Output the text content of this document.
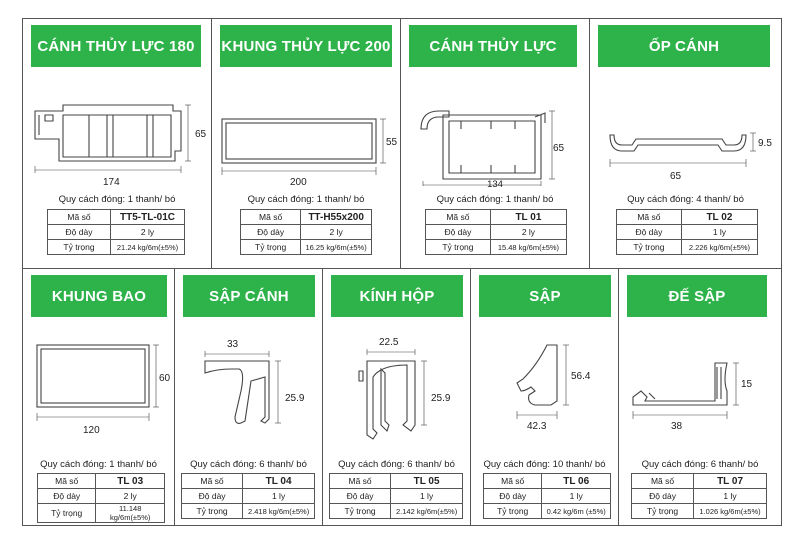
CÁNH THỦY LỰC 180
174
65
Quy cách đóng: 1 thanh/ bó
Mã số	TT5-TL-01C
Độ dày	2 ly
Tỷ trọng	21.24 kg/6m(±5%)
KHUNG THỦY LỰC 200
200
55
Quy cách đóng: 1 thanh/ bó
Mã số	TT-H55x200
Độ dày	2 ly
Tỷ trọng	16.25 kg/6m(±5%)
CÁNH THỦY LỰC
65
134
Quy cách đóng: 1 thanh/ bó
Mã số	TL 01
Độ dày	2 ly
Tỷ trọng	15.48 kg/6m(±5%)
ỐP CÁNH
65
9.5
Quy cách đóng: 4 thanh/ bó
Mã số	TL 02
Độ dày	1 ly
Tỷ trọng	2.226 kg/6m(±5%)
KHUNG BAO
120
60
Quy cách đóng: 1 thanh/ bó
Mã số	TL 03
Độ dày	2 ly
Tỷ trọng	11.148 kg/6m(±5%)
SẬP CÁNH
33
25.9
Quy cách đóng: 6 thanh/ bó
Mã số	TL 04
Độ dày	1 ly
Tỷ trọng	2.418 kg/6m(±5%)
KÍNH HỘP
22.5
25.9
Quy cách đóng: 6 thanh/ bó
Mã số	TL 05
Độ dày	1 ly
Tỷ trọng	2.142 kg/6m(±5%)
SẬP
42.3
56.4
Quy cách đóng: 10 thanh/ bó
Mã số	TL 06
Độ dày	1 ly
Tỷ trọng	0.42 kg/6m (±5%)
ĐẾ SẬP
38
15
Quy cách đóng: 6 thanh/ bó
Mã số	TL 07
Độ dày	1 ly
Tỷ trọng	1.026 kg/6m(±5%)
